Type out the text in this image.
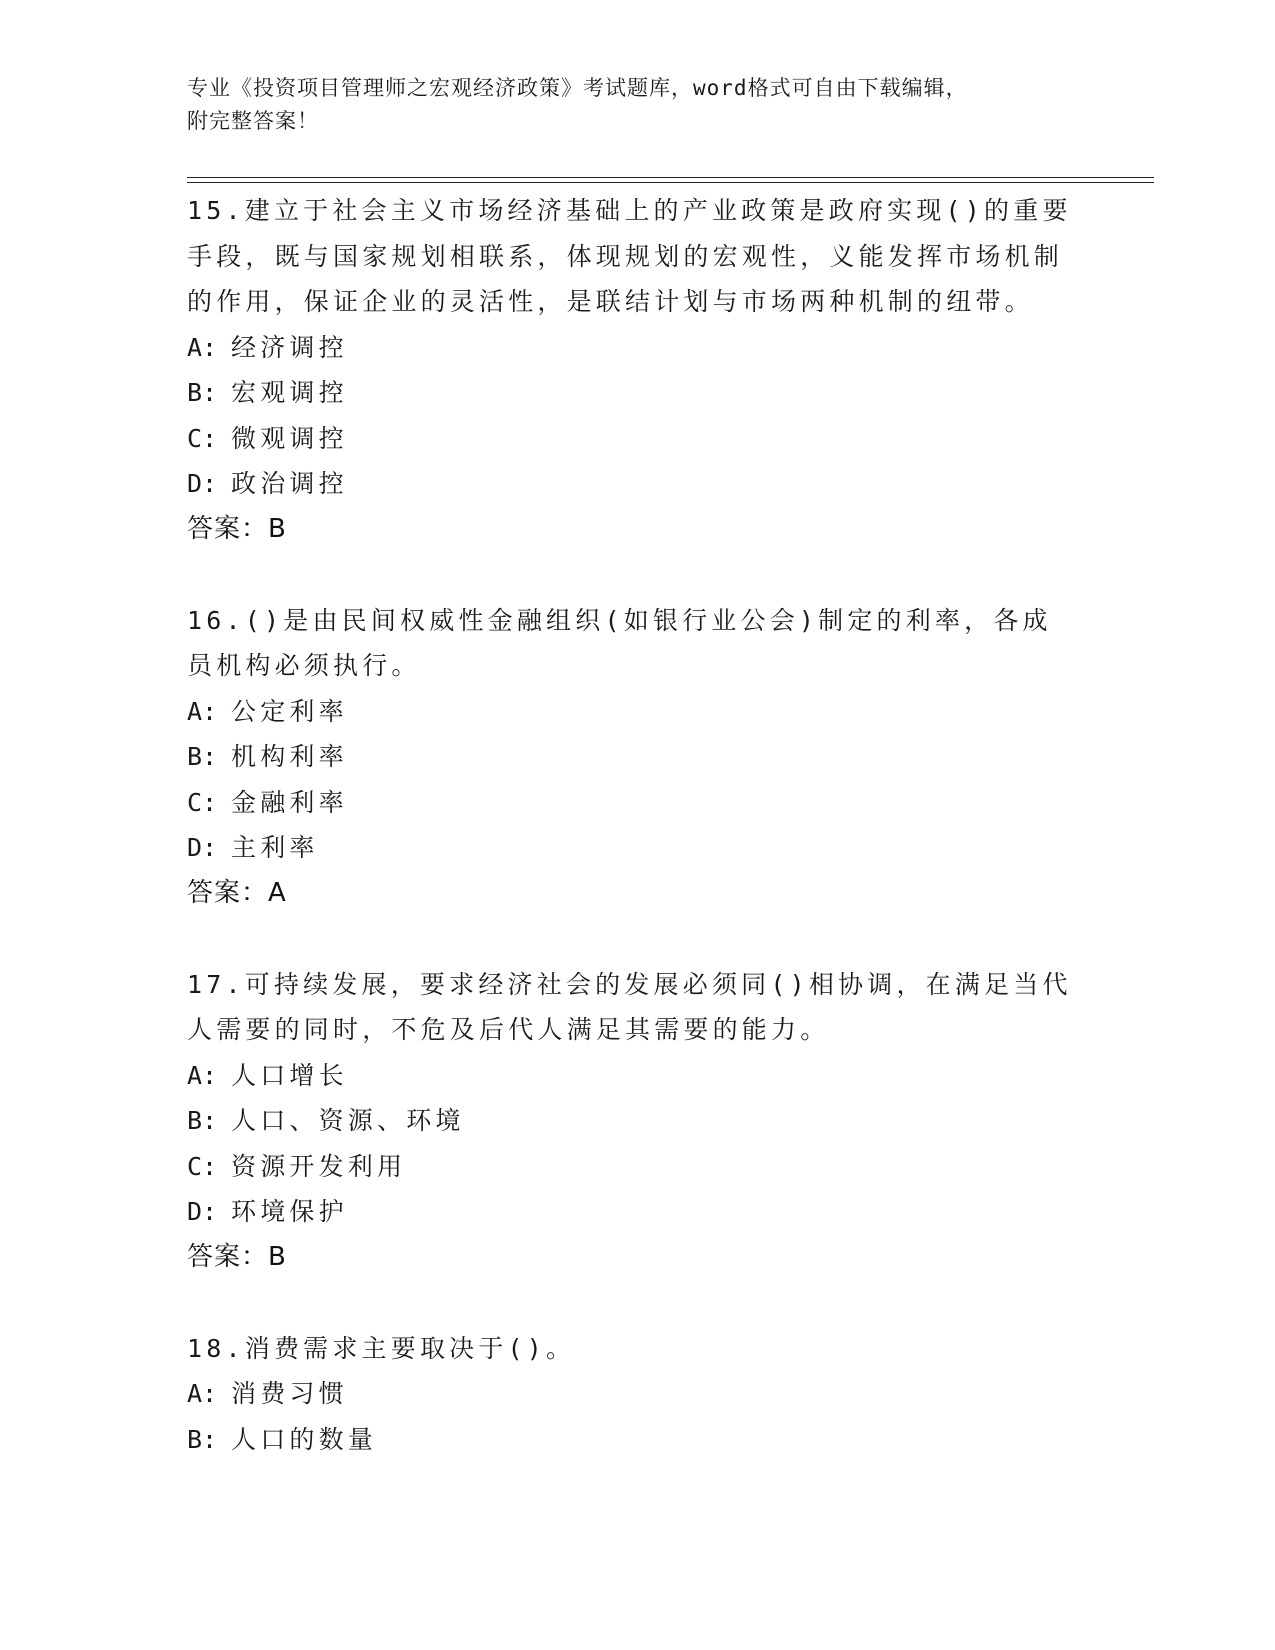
专业《投资项目管理师之宏观经济政策》考试题库，word格式可自由下载编辑，
附完整答案！
15.建立于社会主义市场经济基础上的产业政策是政府实现()的重要手段，既与国家规划相联系，体现规划的宏观性，义能发挥市场机制的作用，保证企业的灵活性，是联结计划与市场两种机制的纽带。
A: 经济调控
B: 宏观调控
C: 微观调控
D: 政治调控
答案：B
16.()是由民间权威性金融组织(如银行业公会)制定的利率，各成员机构必须执行。
A: 公定利率
B: 机构利率
C: 金融利率
D: 主利率
答案：A
17.可持续发展，要求经济社会的发展必须同()相协调，在满足当代人需要的同时，不危及后代人满足其需要的能力。
A: 人口增长
B: 人口、资源、环境
C: 资源开发利用
D: 环境保护
答案：B
18.消费需求主要取决于()。
A: 消费习惯
B: 人口的数量
